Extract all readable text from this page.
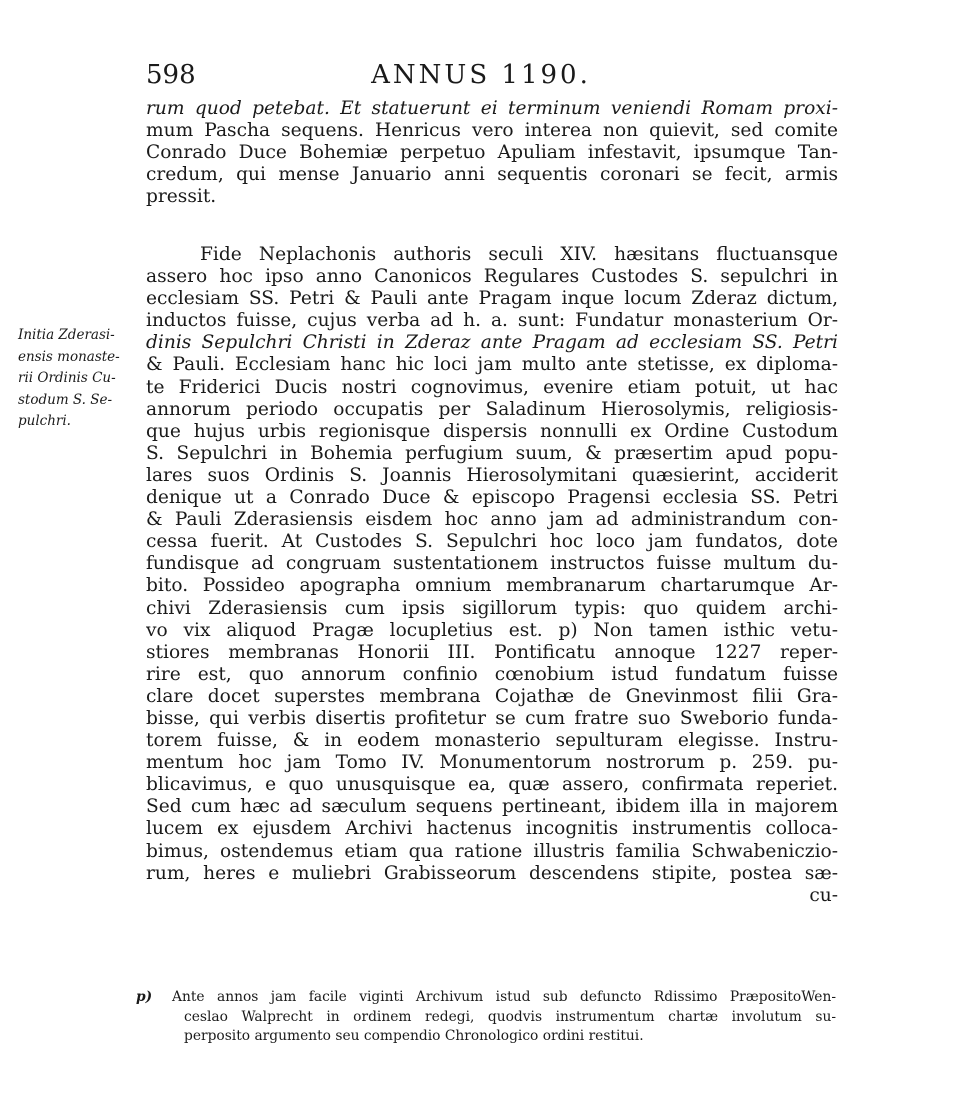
598	ANNUS 1190.
rum quod petebat. Et statuerunt ei terminum veniendi Romam proxi-
mum Pascha sequens. Henricus vero interea non quievit, sed comite
Conrado Duce Bohemiæ perpetuo Apuliam infestavit, ipsumque Tan-
credum, qui mense Januario anni sequentis coronari se fecit, armis
pressit.
Fide Neplachonis authoris seculi XIV. hæsitans fluctuansque
assero hoc ipso anno Canonicos Regulares Custodes S. sepulchri in
ecclesiam SS. Petri & Pauli ante Pragam inque locum Zderaz dictum,
inductos fuisse, cujus verba ad h. a. sunt: Fundatur monasterium Or-
dinis Sepulchri Christi in Zderaz ante Pragam ad ecclesiam SS. Petri
& Pauli. Ecclesiam hanc hic loci jam multo ante stetisse, ex diploma-
te Friderici Ducis nostri cognovimus, evenire etiam potuit, ut hac
annorum periodo occupatis per Saladinum Hierosolymis, religiosis-
que hujus urbis regionisque dispersis nonnulli ex Ordine Custodum
S. Sepulchri in Bohemia perfugium suum, & præsertim apud popu-
lares suos Ordinis S. Joannis Hierosolymitani quæsierint, acciderit
denique ut a Conrado Duce & episcopo Pragensi ecclesia SS. Petri
& Pauli Zderasiensis eisdem hoc anno jam ad administrandum con-
cessa fuerit. At Custodes S. Sepulchri hoc loco jam fundatos, dote
fundisque ad congruam sustentationem instructos fuisse multum du-
bito. Possideo apographa omnium membranarum chartarumque Ar-
chivi Zderasiensis cum ipsis sigillorum typis: quo quidem archi-
vo vix aliquod Pragæ locupletius est. p) Non tamen isthic vetu-
stiores membranas Honorii III. Pontificatu annoque 1227 reper-
rire est, quo annorum confinio cœnobium istud fundatum fuisse
clare docet superstes membrana Cojathæ de Gnevinmost filii Gra-
bisse, qui verbis disertis profitetur se cum fratre suo Sweborio funda-
torem fuisse, & in eodem monasterio sepulturam elegisse. Instru-
mentum hoc jam Tomo IV. Monumentorum nostrorum p. 259. pu-
blicavimus, e quo unusquisque ea, quæ assero, confirmata reperiet.
Sed cum hæc ad sæculum sequens pertineant, ibidem illa in majorem
lucem ex ejusdem Archivi hactenus incognitis instrumentis colloca-
bimus, ostendemus etiam qua ratione illustris familia Schwabeniczio-
rum, heres e muliebri Grabisseorum descendens stipite, postea sæ-
cu-
Initia Zderasi-
ensis monaste-
rii Ordinis Cu-
stodum S. Se-
pulchri.
p)	Ante annos jam facile viginti Archivum istud sub defuncto Rdissimo PræpositoWen-
ceslao Walprecht in ordinem redegi, quodvis instrumentum chartæ involutum su-
perposito argumento seu compendio Chronologico ordini restitui.
